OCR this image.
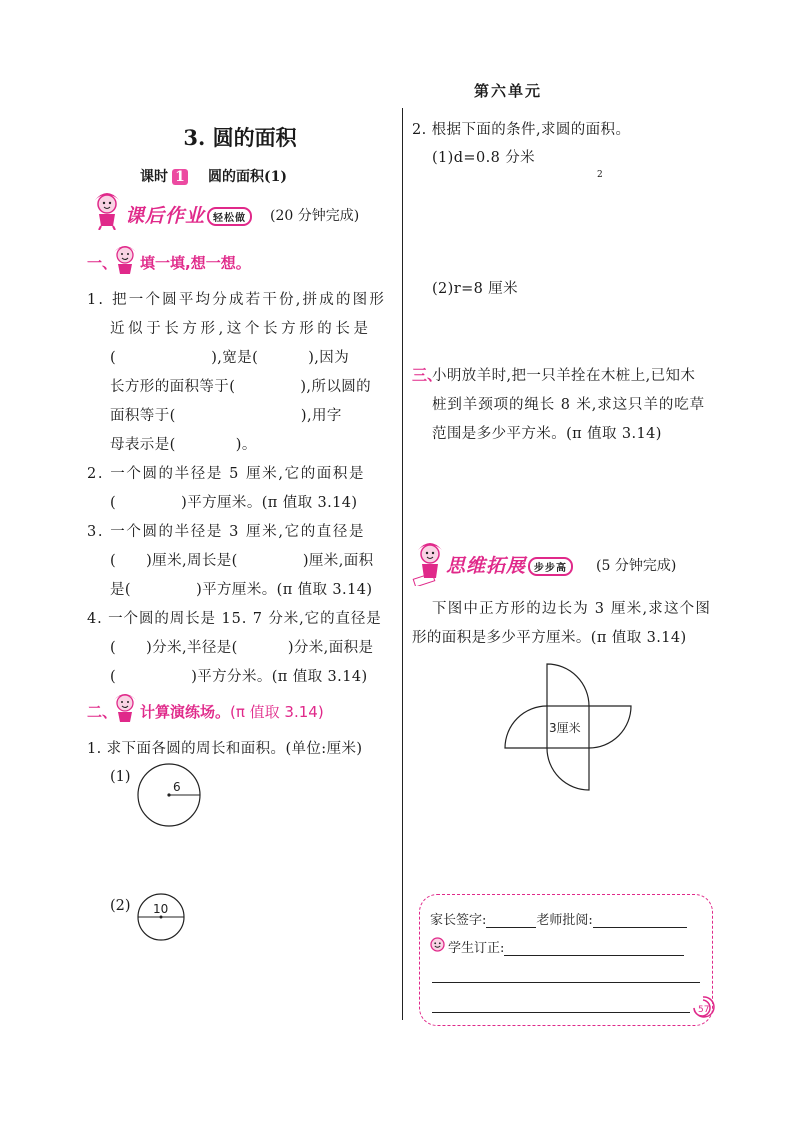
第六单元
3. 圆的面积
课时 1 圆的面积(1)
课后作业 轻松做	(20 分钟完成)
一、 填一填,想一想。
1. 把一个圆平均分成若干份,拼成的图形
近似于长方形,这个长方形的长是
(                   ),宽是(          ),因为
长方形的面积等于(             ),所以圆的
面积等于(                         ),用字
母表示是(            )。
2. 一个圆的半径是 5 厘米,它的面积是
(             )平方厘米。(π 值取 3.14)
3. 一个圆的半径是 3 厘米,它的直径是
(      )厘米,周长是(             )厘米,面积
是(             )平方厘米。(π 值取 3.14)
4. 一个圆的周长是 15. 7 分米,它的直径是
(      )分米,半径是(          )分米,面积是
(               )平方分米。(π 值取 3.14)
二、 计算演练场。(π 值取 3.14)
1. 求下面各圆的周长和面积。(单位:厘米)
(1)
6
(2) 10
2. 根据下面的条件,求圆的面积。
(1)d=0.8 分米
2
(2)r=8 厘米
三、
小明放羊时,把一只羊拴在木桩上,已知木
桩到羊颈项的绳长 8 米,求这只羊的吃草
范围是多少平方米。(π 值取 3.14)
思维拓展 步步高	(5 分钟完成)
下图中正方形的边长为 3 厘米,求这个图
形的面积是多少平方厘米。(π 值取 3.14)
3厘米
家长签字:	老师批阅:
学生订正:
57
